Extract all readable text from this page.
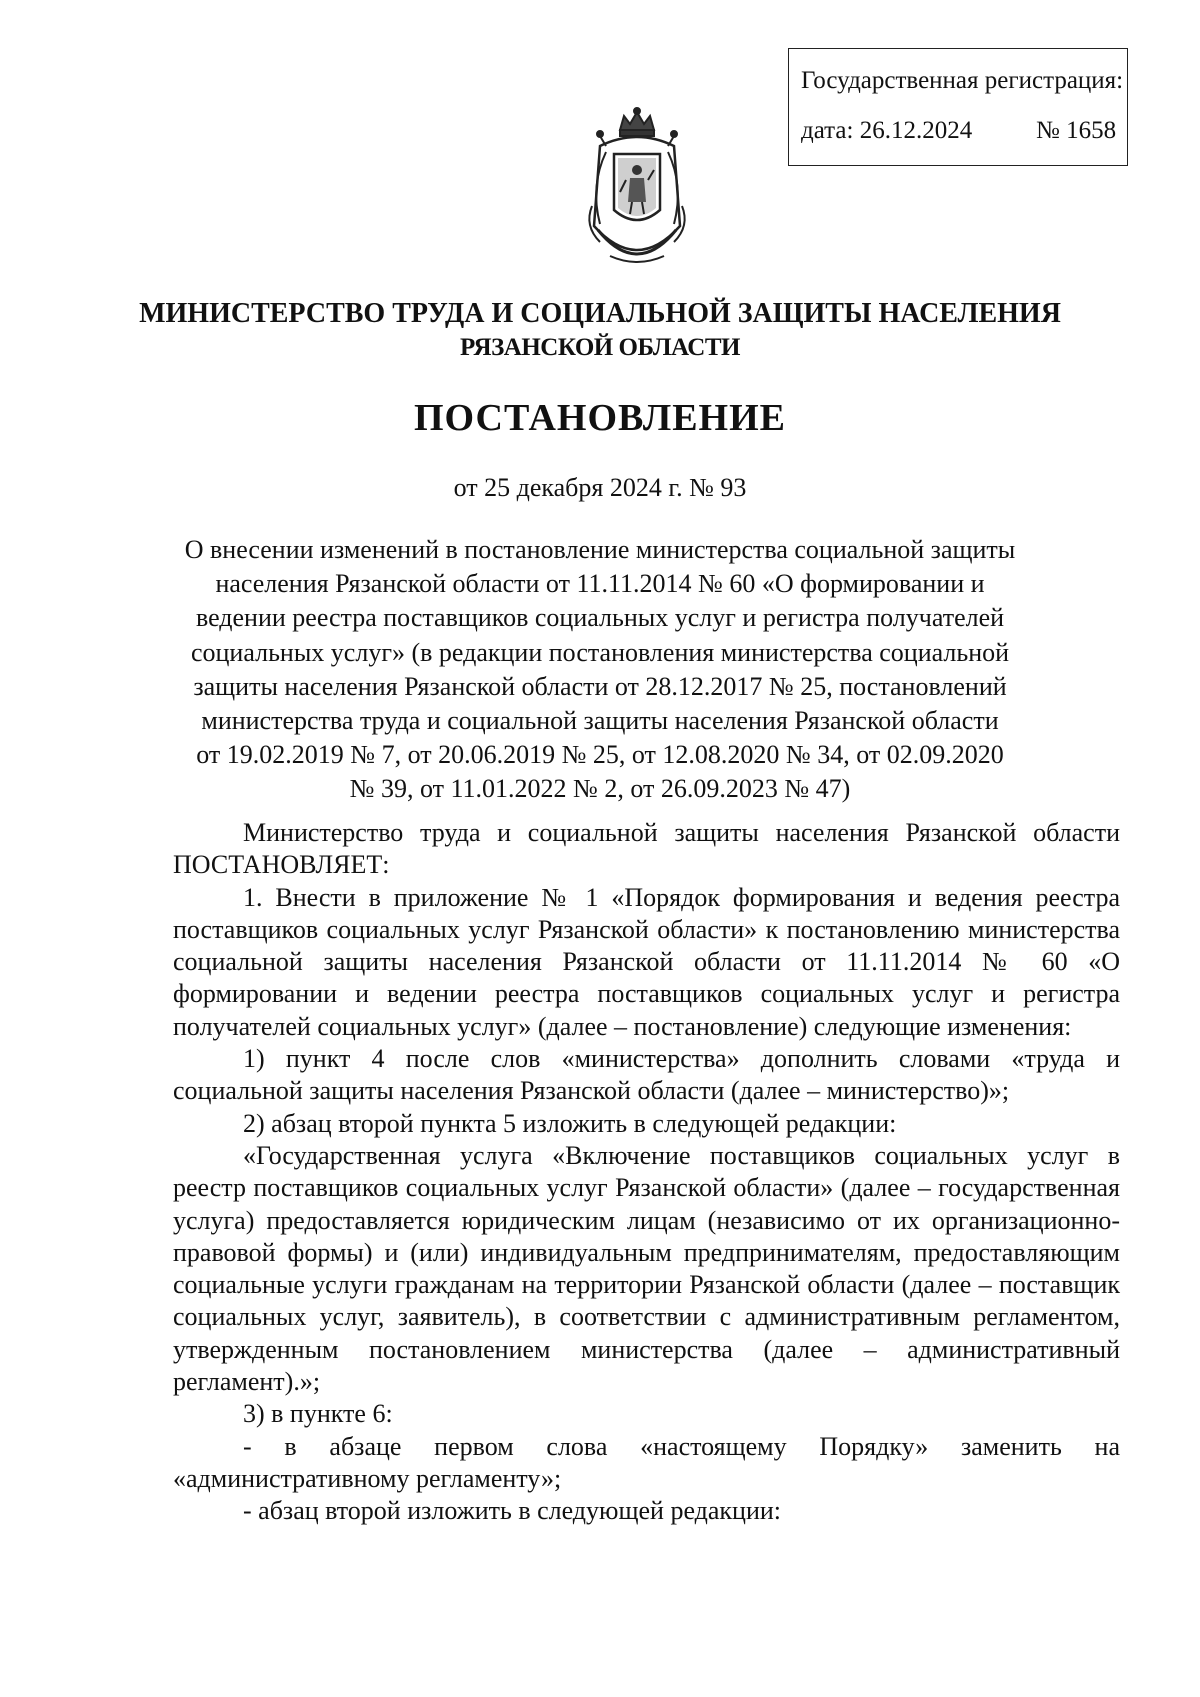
Государственная регистрация:
дата: 26.12.2024	№ 1658
МИНИСТЕРСТВО ТРУДА И СОЦИАЛЬНОЙ ЗАЩИТЫ НАСЕЛЕНИЯ
РЯЗАНСКОЙ ОБЛАСТИ
ПОСТАНОВЛЕНИЕ
от 25 декабря 2024 г. № 93
О внесении изменений в постановление министерства социальной защиты
населения Рязанской области от 11.11.2014 № 60 «О формировании и
ведении реестра поставщиков социальных услуг и регистра получателей
социальных услуг» (в редакции постановления министерства социальной
защиты населения Рязанской области от 28.12.2017 № 25, постановлений
министерства труда и социальной защиты населения Рязанской области
от 19.02.2019 № 7, от 20.06.2019 № 25, от 12.08.2020 № 34, от 02.09.2020
№ 39, от 11.01.2022 № 2, от 26.09.2023 № 47)

Министерство труда и социальной защиты населения Рязанской области ПОСТАНОВЛЯЕТ:

1. Внести в приложение № 1 «Порядок формирования и ведения реестра поставщиков социальных услуг Рязанской области» к постановлению министерства социальной защиты населения Рязанской области от 11.11.2014 № 60 «О формировании и ведении реестра поставщиков социальных услуг и регистра получателей социальных услуг» (далее – постановление) следующие изменения:

1) пункт 4 после слов «министерства» дополнить словами «труда и социальной защиты населения Рязанской области (далее – министерство)»;

2) абзац второй пункта 5 изложить в следующей редакции:

«Государственная услуга «Включение поставщиков социальных услуг в реестр поставщиков социальных услуг Рязанской области» (далее – государственная услуга) предоставляется юридическим лицам (независимо от их организационно-правовой формы) и (или) индивидуальным предпринимателям, предоставляющим социальные услуги гражданам на территории Рязанской области (далее – поставщик социальных услуг, заявитель), в соответствии с административным регламентом, утвержденным постановлением министерства (далее – административный регламент).»;

3) в пункте 6:

- в абзаце первом слова «настоящему Порядку» заменить на «административному регламенту»;

- абзац второй изложить в следующей редакции:
